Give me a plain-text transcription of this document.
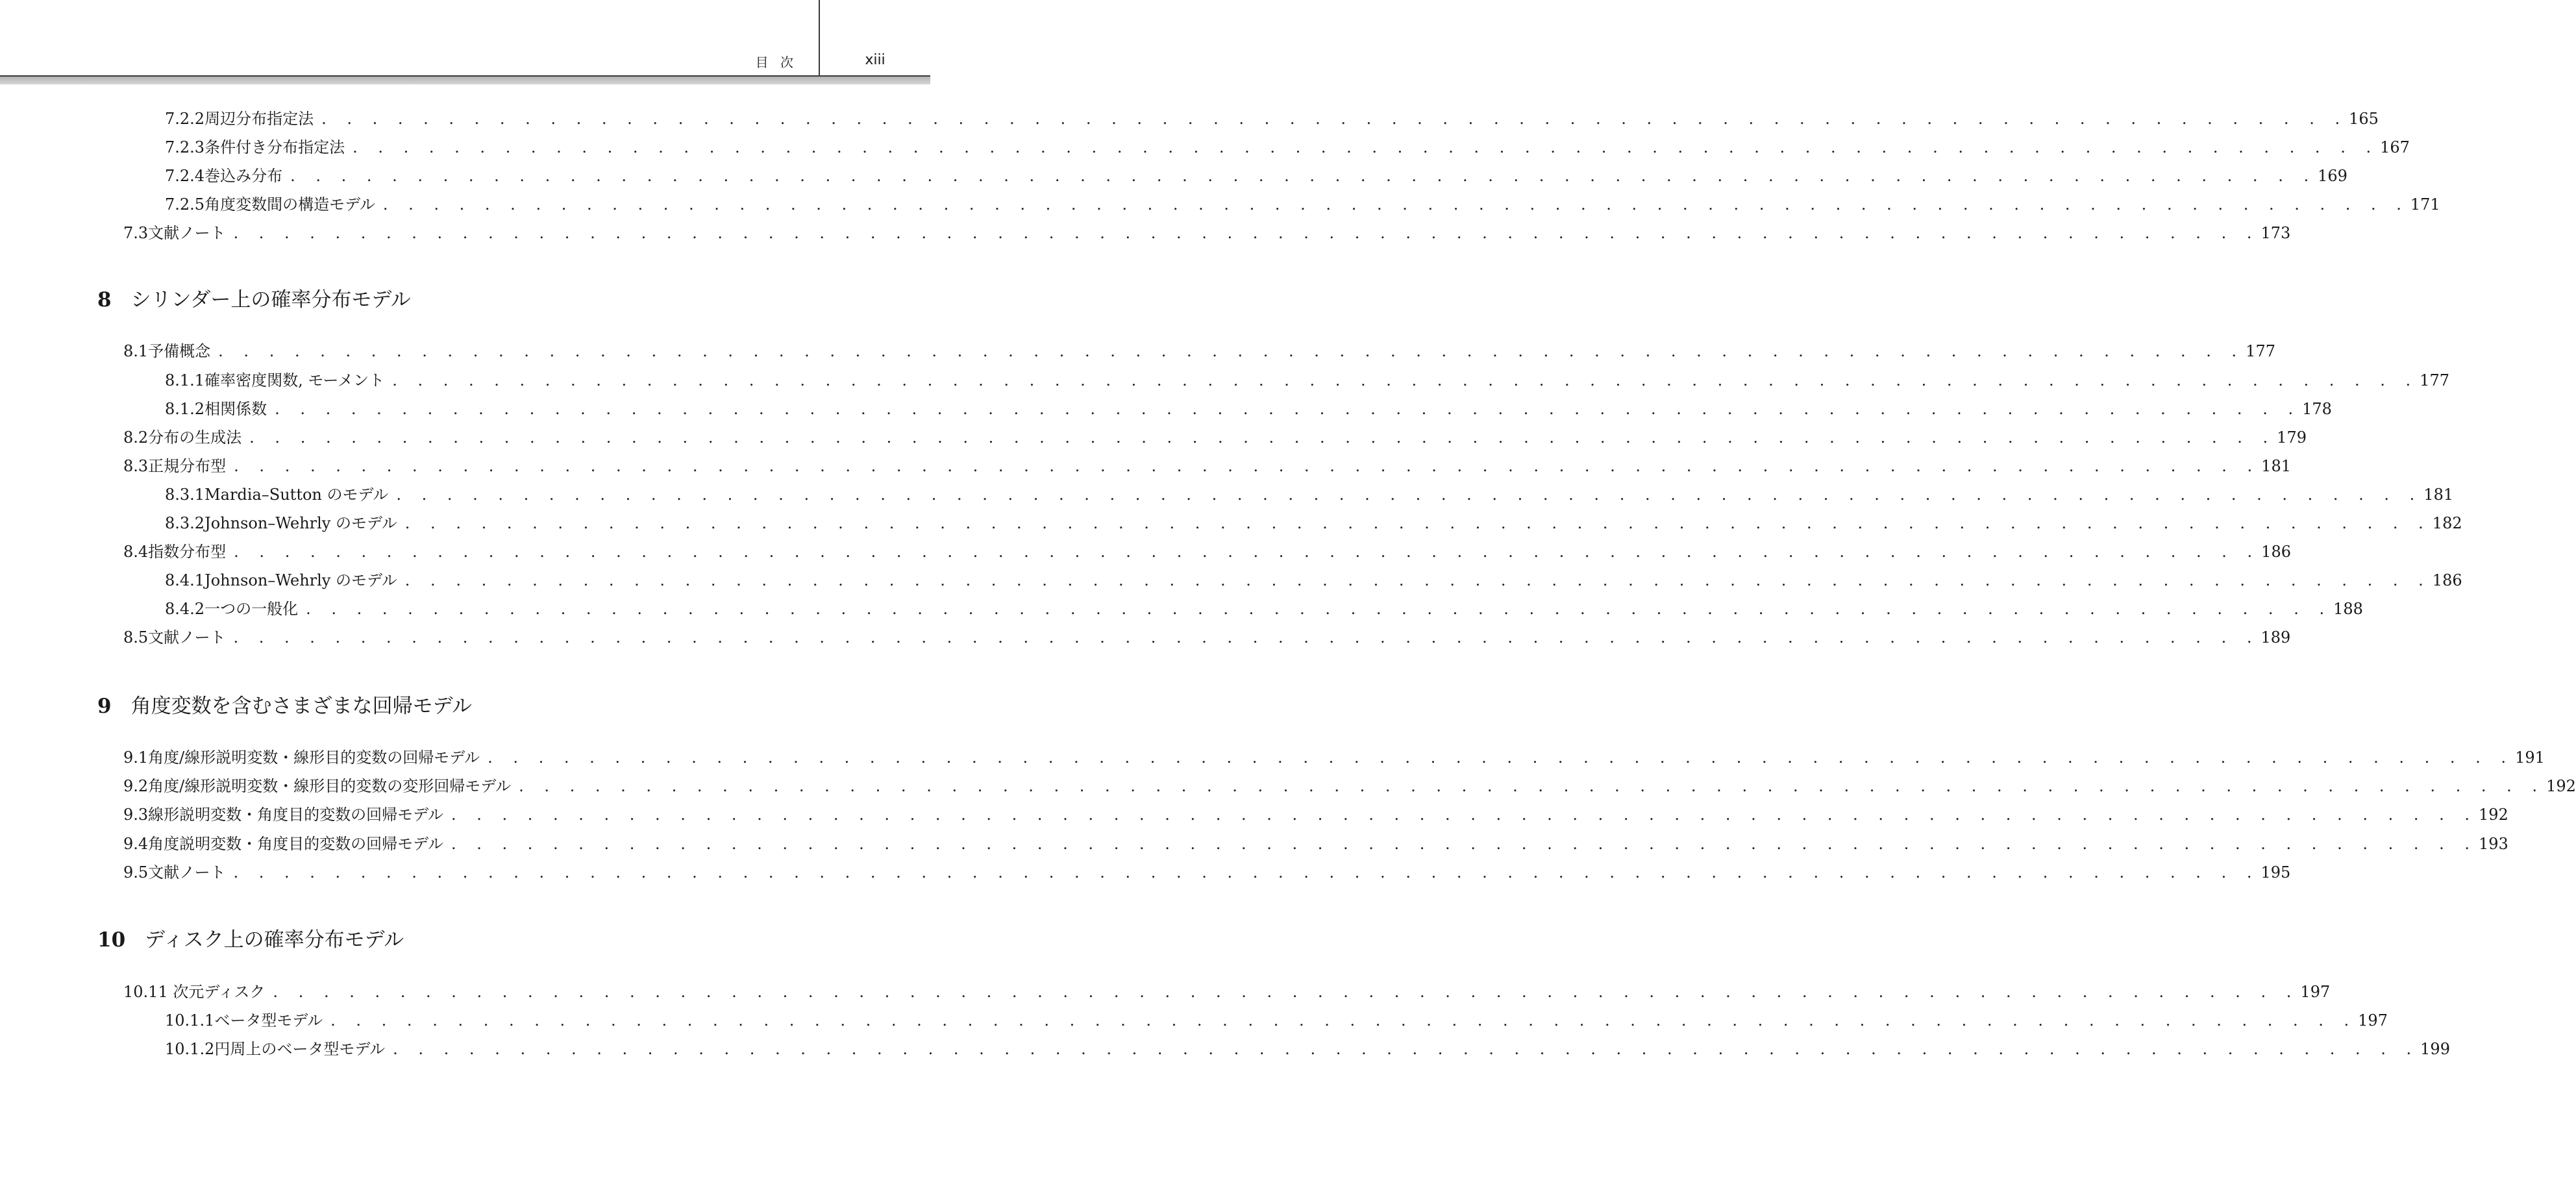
目 次	xiii
7.2.2 周辺分布指定法 . . . . . . . . . . . . . . . . . . . . . . . . . . . . . . . . . . . . . . . . . . . . . . . . . . . . . . . . . . . . . . . . . . . . . . . . . . . . . . . . 165
7.2.3 条件付き分布指定法 . . . . . . . . . . . . . . . . . . . . . . . . . . . . . . . . . . . . . . . . . . . . . . . . . . . . . . . . . . . . . . . . . . . . . . . . . . . . . . . . 167
7.2.4 巻込み分布 . . . . . . . . . . . . . . . . . . . . . . . . . . . . . . . . . . . . . . . . . . . . . . . . . . . . . . . . . . . . . . . . . . . . . . . . . . . . . . . . 169
7.2.5 角度変数間の構造モデル . . . . . . . . . . . . . . . . . . . . . . . . . . . . . . . . . . . . . . . . . . . . . . . . . . . . . . . . . . . . . . . . . . . . . . . . . . . . . . . . 171
7.3 文献ノート . . . . . . . . . . . . . . . . . . . . . . . . . . . . . . . . . . . . . . . . . . . . . . . . . . . . . . . . . . . . . . . . . . . . . . . . . . . . . . . . 173
8 シリンダー上の確率分布モデル
8.1 予備概念 . . . . . . . . . . . . . . . . . . . . . . . . . . . . . . . . . . . . . . . . . . . . . . . . . . . . . . . . . . . . . . . . . . . . . . . . . . . . . . . . 177
8.1.1 確率密度関数, モーメント . . . . . . . . . . . . . . . . . . . . . . . . . . . . . . . . . . . . . . . . . . . . . . . . . . . . . . . . . . . . . . . . . . . . . . . . . . . . . . . . 177
8.1.2 相関係数 . . . . . . . . . . . . . . . . . . . . . . . . . . . . . . . . . . . . . . . . . . . . . . . . . . . . . . . . . . . . . . . . . . . . . . . . . . . . . . . . 178
8.2 分布の生成法 . . . . . . . . . . . . . . . . . . . . . . . . . . . . . . . . . . . . . . . . . . . . . . . . . . . . . . . . . . . . . . . . . . . . . . . . . . . . . . . . 179
8.3 正規分布型 . . . . . . . . . . . . . . . . . . . . . . . . . . . . . . . . . . . . . . . . . . . . . . . . . . . . . . . . . . . . . . . . . . . . . . . . . . . . . . . . 181
8.3.1 Mardia–Sutton のモデル . . . . . . . . . . . . . . . . . . . . . . . . . . . . . . . . . . . . . . . . . . . . . . . . . . . . . . . . . . . . . . . . . . . . . . . . . . . . . . . . 181
8.3.2 Johnson–Wehrly のモデル . . . . . . . . . . . . . . . . . . . . . . . . . . . . . . . . . . . . . . . . . . . . . . . . . . . . . . . . . . . . . . . . . . . . . . . . . . . . . . . . 182
8.4 指数分布型 . . . . . . . . . . . . . . . . . . . . . . . . . . . . . . . . . . . . . . . . . . . . . . . . . . . . . . . . . . . . . . . . . . . . . . . . . . . . . . . . 186
8.4.1 Johnson–Wehrly のモデル . . . . . . . . . . . . . . . . . . . . . . . . . . . . . . . . . . . . . . . . . . . . . . . . . . . . . . . . . . . . . . . . . . . . . . . . . . . . . . . . 186
8.4.2 一つの一般化 . . . . . . . . . . . . . . . . . . . . . . . . . . . . . . . . . . . . . . . . . . . . . . . . . . . . . . . . . . . . . . . . . . . . . . . . . . . . . . . . 188
8.5 文献ノート . . . . . . . . . . . . . . . . . . . . . . . . . . . . . . . . . . . . . . . . . . . . . . . . . . . . . . . . . . . . . . . . . . . . . . . . . . . . . . . . 189
9 角度変数を含むさまざまな回帰モデル
9.1 角度/線形説明変数・線形目的変数の回帰モデル . . . . . . . . . . . . . . . . . . . . . . . . . . . . . . . . . . . . . . . . . . . . . . . . . . . . . . . . . . . . . . . . . . . . . . . . . . . . . . . . 191
9.2 角度/線形説明変数・線形目的変数の変形回帰モデル . . . . . . . . . . . . . . . . . . . . . . . . . . . . . . . . . . . . . . . . . . . . . . . . . . . . . . . . . . . . . . . . . . . . . . . . . . . . . . . . 192
9.3 線形説明変数・角度目的変数の回帰モデル . . . . . . . . . . . . . . . . . . . . . . . . . . . . . . . . . . . . . . . . . . . . . . . . . . . . . . . . . . . . . . . . . . . . . . . . . . . . . . . . 192
9.4 角度説明変数・角度目的変数の回帰モデル . . . . . . . . . . . . . . . . . . . . . . . . . . . . . . . . . . . . . . . . . . . . . . . . . . . . . . . . . . . . . . . . . . . . . . . . . . . . . . . . 193
9.5 文献ノート . . . . . . . . . . . . . . . . . . . . . . . . . . . . . . . . . . . . . . . . . . . . . . . . . . . . . . . . . . . . . . . . . . . . . . . . . . . . . . . . 195
10 ディスク上の確率分布モデル
10.1 1 次元ディスク . . . . . . . . . . . . . . . . . . . . . . . . . . . . . . . . . . . . . . . . . . . . . . . . . . . . . . . . . . . . . . . . . . . . . . . . . . . . . . . . 197
10.1.1 ベータ型モデル . . . . . . . . . . . . . . . . . . . . . . . . . . . . . . . . . . . . . . . . . . . . . . . . . . . . . . . . . . . . . . . . . . . . . . . . . . . . . . . . 197
10.1.2 円周上のベータ型モデル . . . . . . . . . . . . . . . . . . . . . . . . . . . . . . . . . . . . . . . . . . . . . . . . . . . . . . . . . . . . . . . . . . . . . . . . . . . . . . . . 199
